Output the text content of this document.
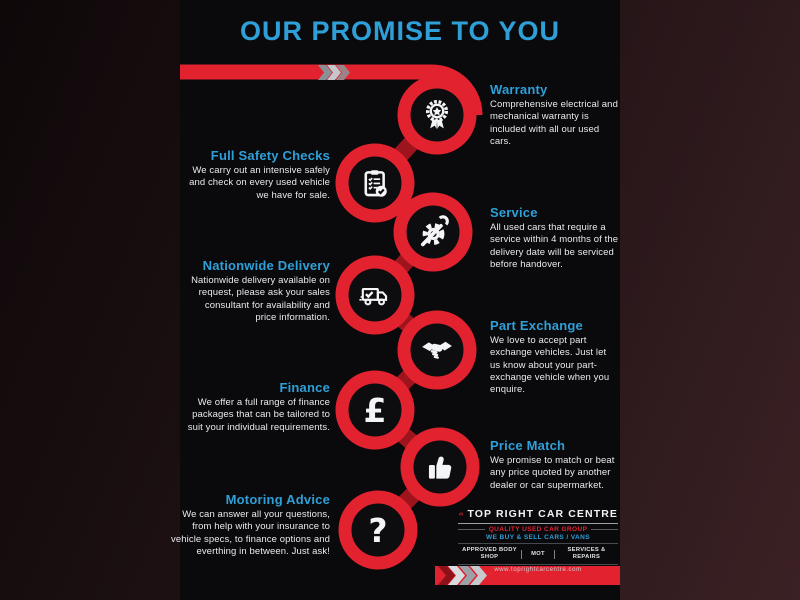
OUR PROMISE TO YOU
£
?
Warranty

Comprehensive electrical and mechanical warranty is included with all our used cars.

Service

All used cars that require a service within 4 months of the delivery date will be serviced before handover.

Part Exchange

We love to accept part exchange vehicles. Just let us know about your part-exchange vehicle when you enquire.

Price Match

We promise to match or beat any price quoted by another dealer or car supermarket.

Full Safety Checks

We carry out an intensive safely and check on every used vehicle we have for sale.

Nationwide Delivery

Nationwide delivery available on request, please ask your sales consultant for availability and price information.

Finance

We offer a full range of finance packages that can be tailored to suit your individual requirements.

Motoring Advice

We can answer all your questions, from help with your insurance to vehicle specs, to finance options and everthing in between. Just ask!

TOP RIGHT CAR CENTRE
QUALITY USED CAR GROUP
WE BUY & SELL CARS / VANS
APPROVED BODY SHOP
MOT
SERVICES & REPAIRS
www.toprightcarcentre.com
